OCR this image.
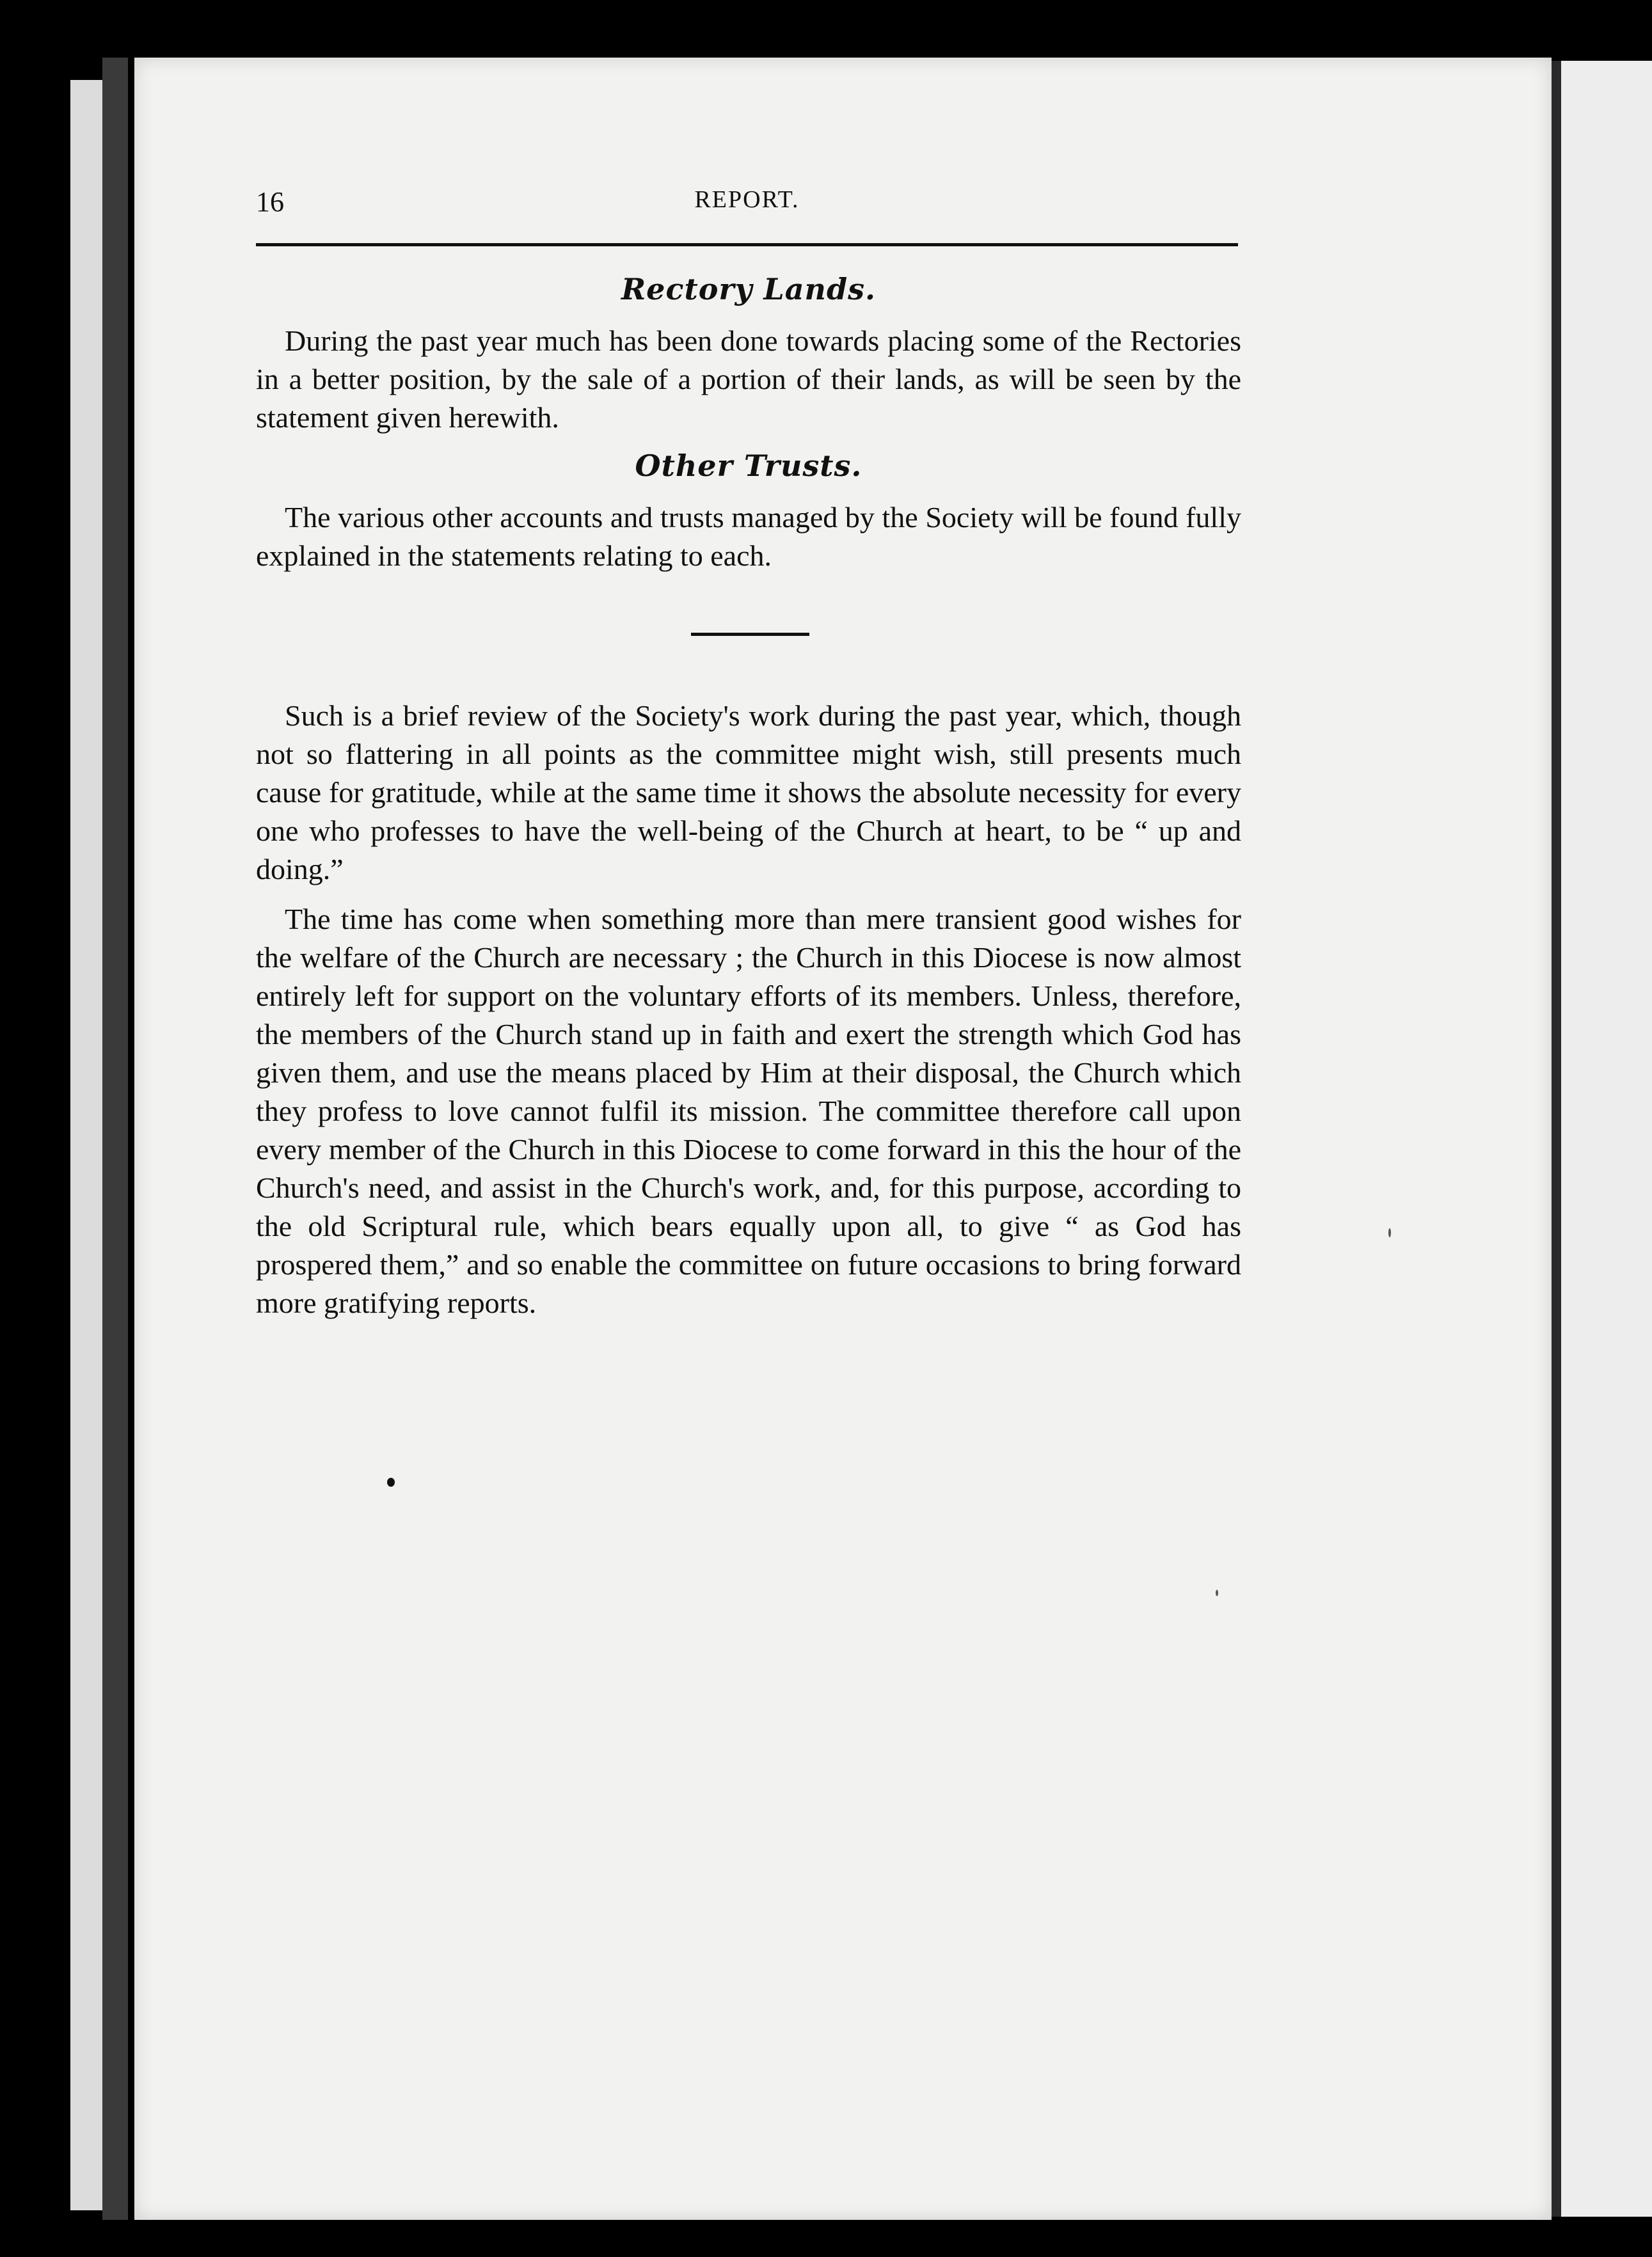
16	REPORT.
Rectory Lands.

During the past year much has been done towards placing some of the Rectories in a better position, by the sale of a portion of their lands, as will be seen by the statement given herewith.

Other Trusts.

The various other accounts and trusts managed by the Society will be found fully explained in the statements relating to each.

Such is a brief review of the Society's work during the past year, which, though not so flattering in all points as the committee might wish, still presents much cause for gratitude, while at the same time it shows the absolute necessity for every one who professes to have the well-being of the Church at heart, to be “ up and doing.”

The time has come when something more than mere transient good wishes for the welfare of the Church are necessary ; the Church in this Diocese is now almost entirely left for support on the voluntary efforts of its members. Unless, therefore, the members of the Church stand up in faith and exert the strength which God has given them, and use the means placed by Him at their disposal, the Church which they profess to love cannot fulfil its mission. The committee therefore call upon every member of the Church in this Diocese to come forward in this the hour of the Church's need, and assist in the Church's work, and, for this purpose, according to the old Scriptural rule, which bears equally upon all, to give “ as God has prospered them,” and so enable the committee on future occasions to bring forward more gratifying reports.
